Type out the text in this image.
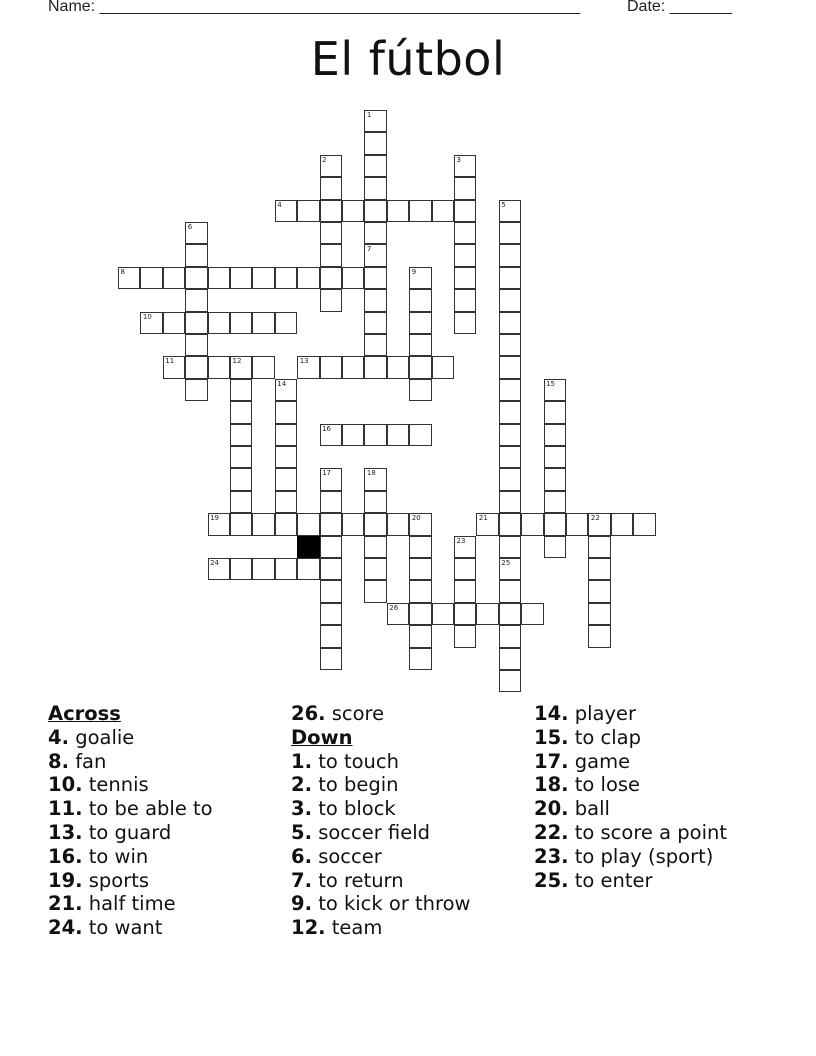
Name: ______________________________________________________	Date: _______
El fútbol
4
8
10
11	12	13
16
19	21	22
24
26
1
2	3
5
6
7
9
14	15
17	18
20
23
25
Across
4. goalie
8. fan
10. tennis
11. to be able to
13. to guard
16. to win
19. sports
21. half time
24. to want
26. score
Down
1. to touch
2. to begin
3. to block
5. soccer field
6. soccer
7. to return
9. to kick or throw
12. team
14. player
15. to clap
17. game
18. to lose
20. ball
22. to score a point
23. to play (sport)
25. to enter
